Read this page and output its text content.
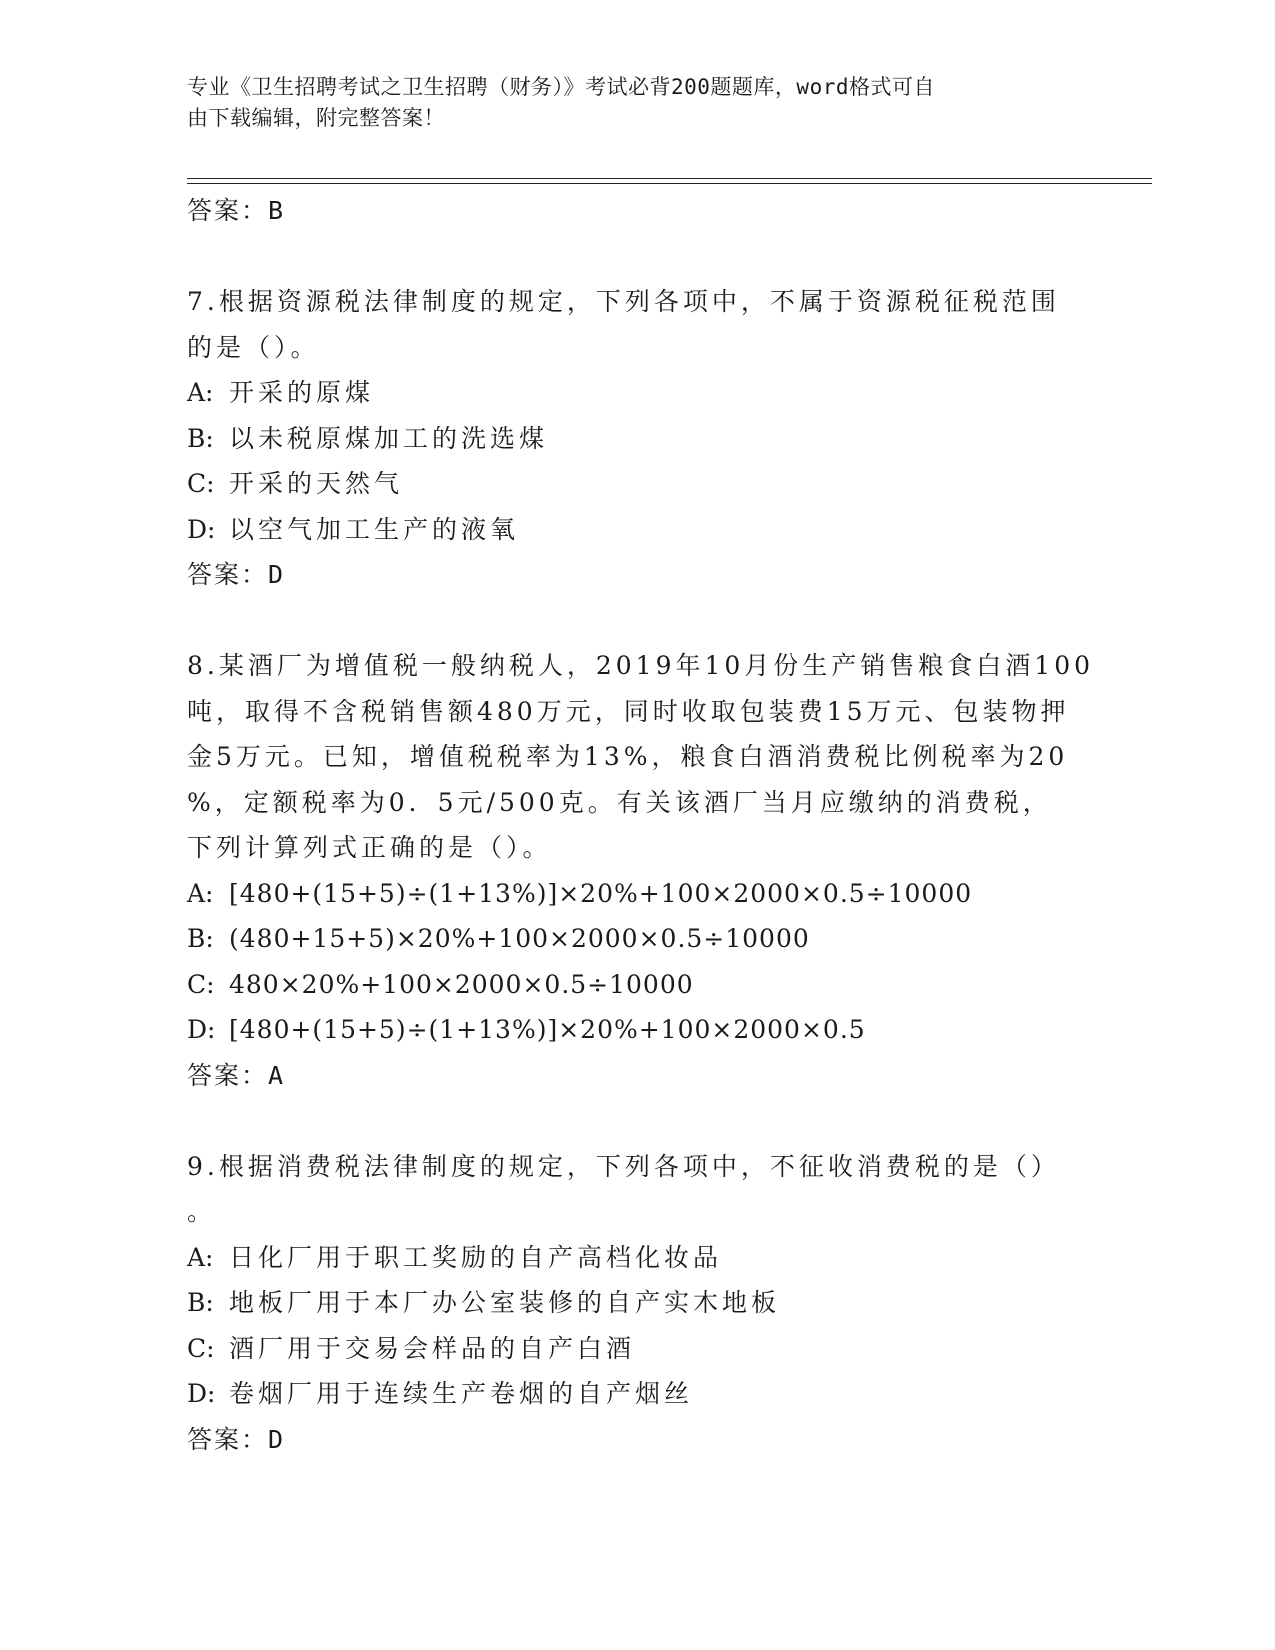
专业《卫生招聘考试之卫生招聘（财务）》考试必背200题题库，word格式可自
由下载编辑，附完整答案！
答案：B
7.根据资源税法律制度的规定，下列各项中，不属于资源税征税范围
的是（）。
A: 开采的原煤
B: 以未税原煤加工的洗选煤
C: 开采的天然气
D: 以空气加工生产的液氧
答案：D
8.某酒厂为增值税一般纳税人，2019年10月份生产销售粮食白酒100
吨，取得不含税销售额480万元，同时收取包装费15万元、包装物押
金5万元。已知，增值税税率为13%，粮食白酒消费税比例税率为20
%，定额税率为0．5元/500克。有关该酒厂当月应缴纳的消费税，
下列计算列式正确的是（）。
A: [480+(15+5)÷(1+13%)]×20%+100×2000×0.5÷10000
B: (480+15+5)×20%+100×2000×0.5÷10000
C: 480×20%+100×2000×0.5÷10000
D: [480+(15+5)÷(1+13%)]×20%+100×2000×0.5
答案：A
9.根据消费税法律制度的规定，下列各项中，不征收消费税的是（）
。
A: 日化厂用于职工奖励的自产高档化妆品
B: 地板厂用于本厂办公室装修的自产实木地板
C: 酒厂用于交易会样品的自产白酒
D: 卷烟厂用于连续生产卷烟的自产烟丝
答案：D
